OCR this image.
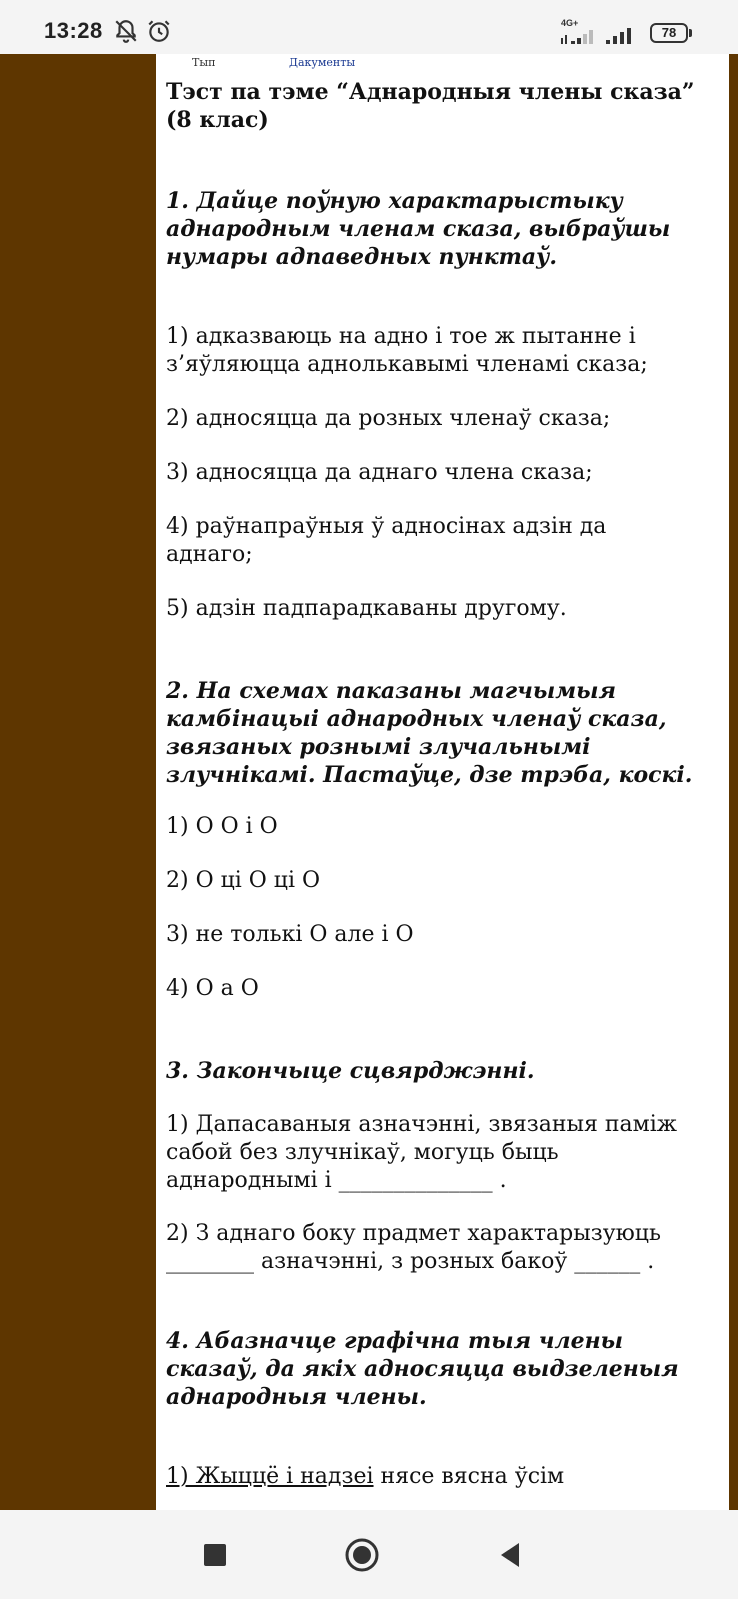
13:28	4G+
78
Тып	Дакументы
Тэст па тэме “Аднародныя члены сказа”
(8 клас)
1. Дайце поўную характарыстыку
аднародным членам сказа, выбраўшы
нумары адпаведных пунктаў.

1) адказваюць на адно і тое ж пытанне і
з’яўляюцца аднолькавымі членамі сказа;

2) адносяцца да розных членаў сказа;

3) адносяцца да аднаго члена сказа;

4) раўнапраўныя ў адносінах адзін да
аднаго;

5) адзін падпарадкаваны другому.

2. На схемах паказаны магчымыя
камбінацыі аднародных членаў сказа,
звязаных рознымі злучальнымі
злучнікамі. Пастаўце, дзе трэба, коскі.

1) О О і О

2) О ці О ці О

3) не толькі О але і О

4) О а О

3. Закончыце сцвярджэнні.

1) Дапасаваныя азначэнні, звязаныя паміж
сабой без злучнікаў, могуць быць
аднароднымі і ______________ .

2) З аднаго боку прадмет характарызуюць
________ азначэнні, з розных бакоў ______ .

4. Абазначце графічна тыя члены
сказаў, да якіх адносяцца выдзеленыя
аднародныя члены.

1) Жыццё і надзеі нясе вясна ўсім
